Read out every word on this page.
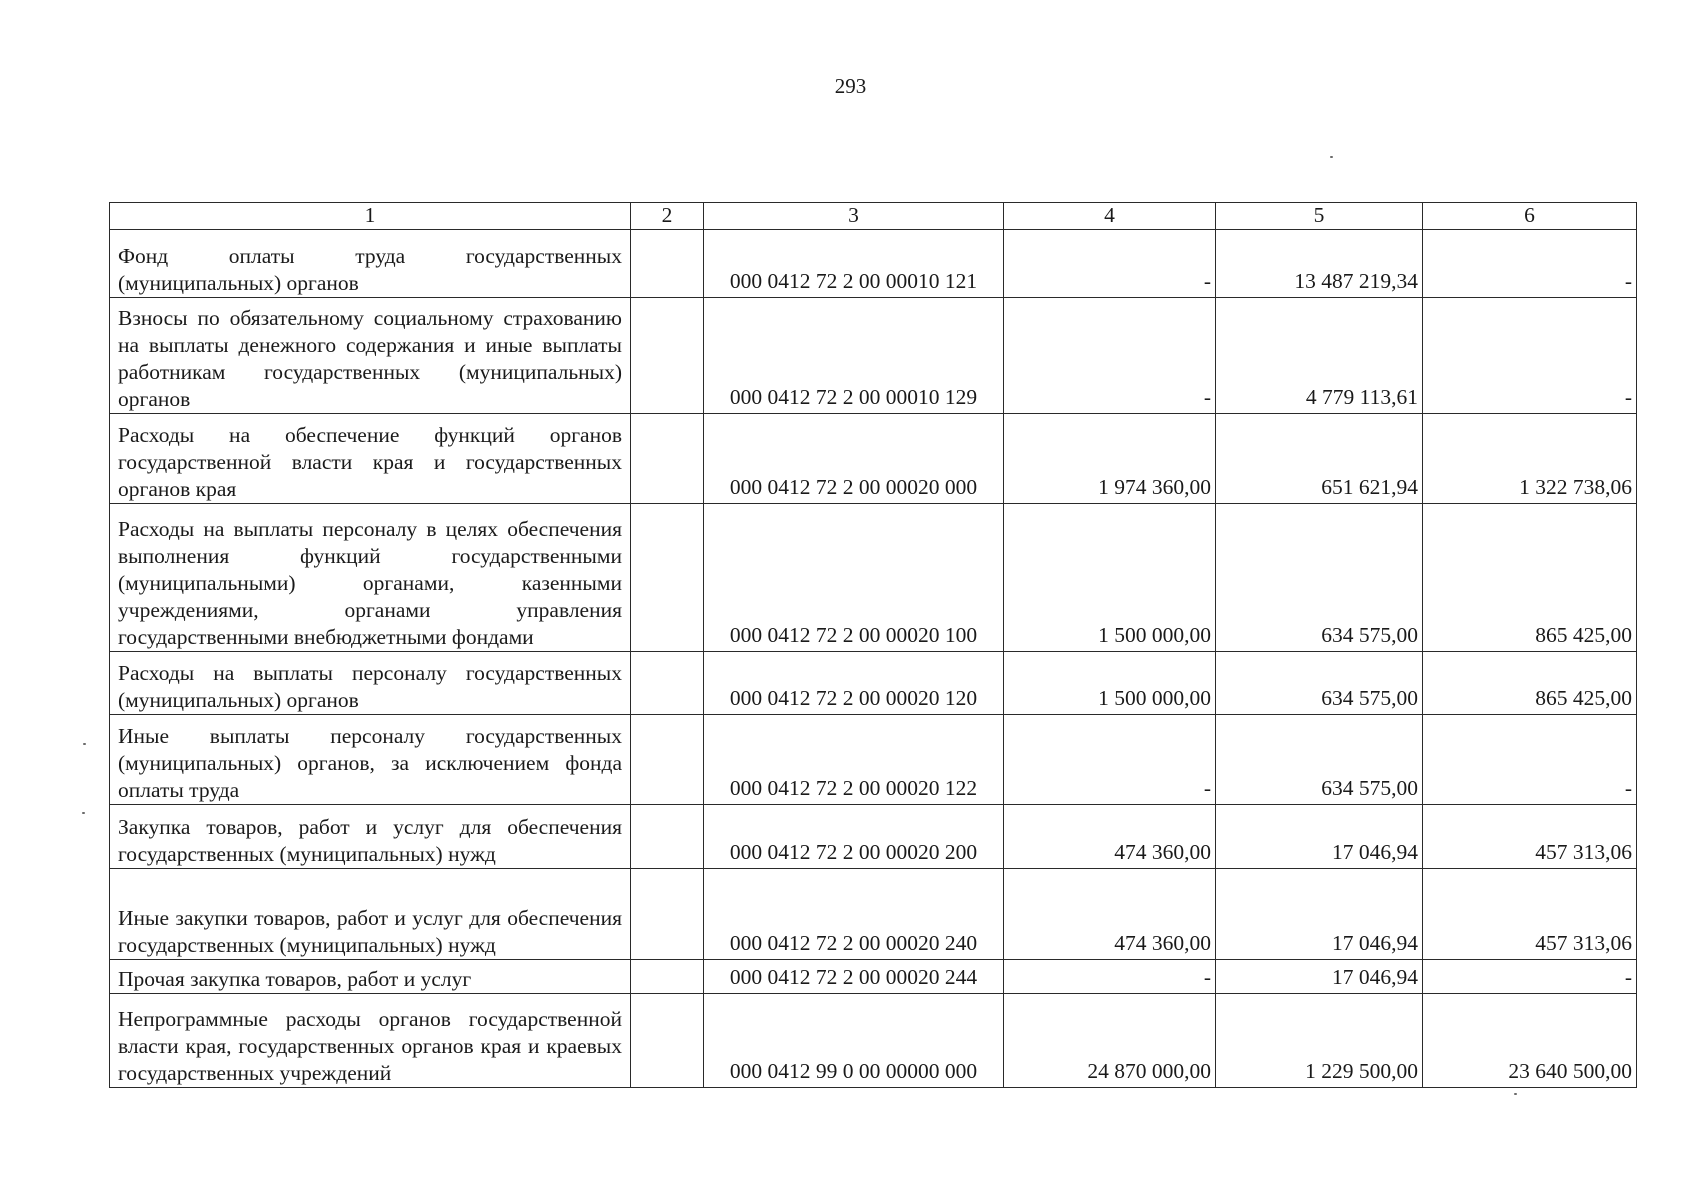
293
1	2	3	4	5	6
Фонд оплаты труда государственных (муниципальных) органов		000 0412 72 2 00 00010 121	-	13 487 219,34	-
Взносы по обязательному социальному страхованию на выплаты денежного содержания и иные выплаты работникам государственных (муниципальных) органов		000 0412 72 2 00 00010 129	-	4 779 113,61	-
Расходы на обеспечение функций органов государственной власти края и государственных органов края		000 0412 72 2 00 00020 000	1 974 360,00	651 621,94	1 322 738,06
Расходы на выплаты персоналу в целях обеспечения выполнения функций государственными (муниципальными) органами, казенными учреждениями, органами управления государственными внебюджетными фондами		000 0412 72 2 00 00020 100	1 500 000,00	634 575,00	865 425,00
Расходы на выплаты персоналу государственных (муниципальных) органов		000 0412 72 2 00 00020 120	1 500 000,00	634 575,00	865 425,00
Иные выплаты персоналу государственных (муниципальных) органов, за исключением фонда оплаты труда		000 0412 72 2 00 00020 122	-	634 575,00	-
Закупка товаров, работ и услуг для обеспечения государственных (муниципальных) нужд		000 0412 72 2 00 00020 200	474 360,00	17 046,94	457 313,06
Иные закупки товаров, работ и услуг для обеспечения государственных (муниципальных) нужд		000 0412 72 2 00 00020 240	474 360,00	17 046,94	457 313,06
Прочая закупка товаров, работ и услуг		000 0412 72 2 00 00020 244	-	17 046,94	-
Непрограммные расходы органов государственной власти края, государственных органов края и краевых государственных учреждений		000 0412 99 0 00 00000 000	24 870 000,00	1 229 500,00	23 640 500,00
